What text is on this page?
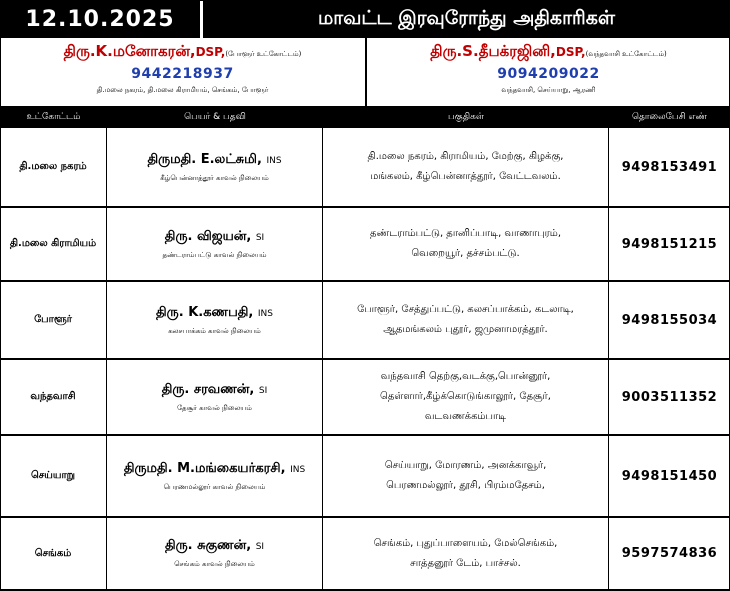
12.10.2025	மாவட்ட இரவுரோந்து அதிகாரிகள்
திரு.K.மனோகரன்,DSP,(போளூர் உட்கோட்டம்)
9442218937
தி.மலை நகரம், தி.மலை கிராமியம், செங்கம், போளூர்
திரு.S.தீபக்ரஜினி,DSP,(வந்தவாசி உட்கோட்டம்)
9094209022
வந்தவாசி, செய்யாறு, ஆரணி
உட்கோட்டம்	பெயர் & பதவி	பகுதிகள்	தொலைபேசி எண்
தி.மலை நகரம்	திருமதி. E.லட்சுமி, INS
கீழ்பென்னாத்தூர் காவல் நிலையம்
தி.மலை நகரம், கிராமியம், மேற்கு, கிழக்கு,
மங்கலம், கீழ்பென்னாத்தூர், வேட்டவலம்.
9498153491
தி.மலை கிராமியம்	திரு. விஜயன், SI
தண்டராம்பட்டு காவல் நிலையம்
தண்டராம்பட்டு, தானிப்பாடி, வாணாபுரம்,
வெறையூர், தச்சம்பட்டு.
9498151215
போளூர்	திரு. K.கணபதி, INS
கலசபாக்கம் காவல் நிலையம்
போளூர், சேத்துப்பட்டு, கலசப்பாக்கம், கடலாடி,
ஆதமங்கலம் புதூர், ஜமுனாமரத்தூர்.
9498155034
வந்தவாசி	திரு. சரவணன், SI
தேசூர் காவல் நிலையம்
வந்தவாசி தெற்கு,வடக்கு,பொன்னூர்,
தெள்ளார்,கீழ்க்கொடுங்காலூர், தேசூர்,
வடவணக்கம்பாடி
9003511352
செய்யாறு	திருமதி. M.மங்கையர்கரசி, INS
பெரணமல்லூர் காவல் நிலையம்
செய்யாறு, மோரணம், அனக்காவூர்,
பெரணமல்லூர், தூசி, பிரம்மதேசம்,
9498151450
செங்கம்	திரு. சுகுணன், SI
செங்கம் காவல் நிலையம்
செங்கம், புதுப்பாளையம், மேல்செங்கம்,
சாத்தனூர் டேம், பாச்சல்.
9597574836
